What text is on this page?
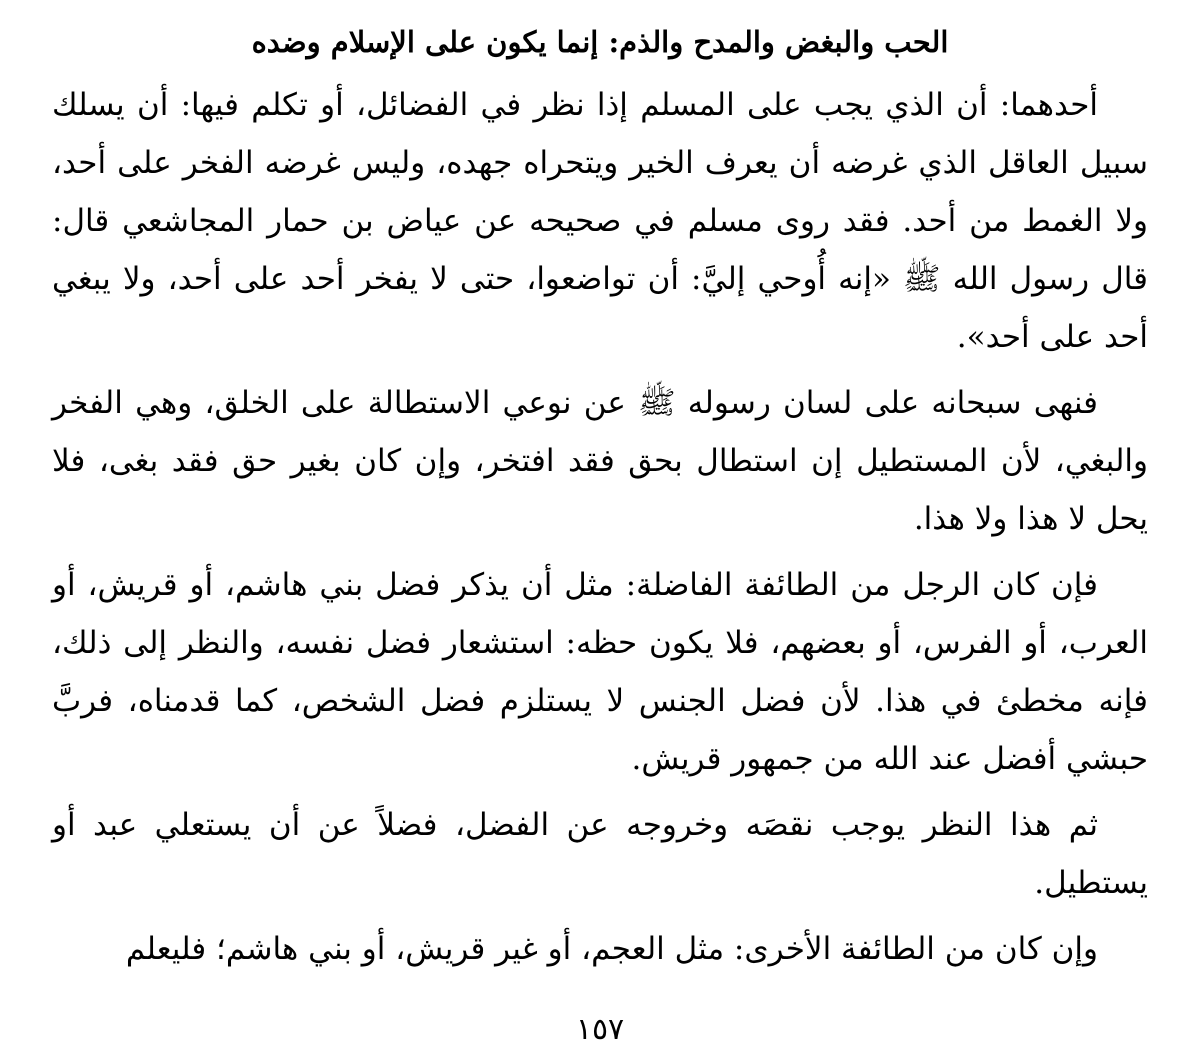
الحب والبغض والمدح والذم: إنما يكون على الإسلام وضده

أحدهما: أن الذي يجب على المسلم إذا نظر في الفضائل، أو تكلم فيها: أن يسلك سبيل العاقل الذي غرضه أن يعرف الخير ويتحراه جهده، وليس غرضه الفخر على أحد، ولا الغمط من أحد. فقد روى مسلم في صحيحه عن عياض بن حمار المجاشعي قال: قال رسول الله ﷺ «إنه أُوحي إليَّ: أن تواضعوا، حتى لا يفخر أحد على أحد، ولا يبغي أحد على أحد».

فنهى سبحانه على لسان رسوله ﷺ عن نوعي الاستطالة على الخلق، وهي الفخر والبغي، لأن المستطيل إن استطال بحق فقد افتخر، وإن كان بغير حق فقد بغى، فلا يحل لا هذا ولا هذا.

فإن كان الرجل من الطائفة الفاضلة: مثل أن يذكر فضل بني هاشم، أو قريش، أو العرب، أو الفرس، أو بعضهم، فلا يكون حظه: استشعار فضل نفسه، والنظر إلى ذلك، فإنه مخطئ في هذا. لأن فضل الجنس لا يستلزم فضل الشخص، كما قدمناه، فربَّ حبشي أفضل عند الله من جمهور قريش.

ثم هذا النظر يوجب نقصَه وخروجه عن الفضل، فضلاً عن أن يستعلي عبد أو يستطيل.

وإن كان من الطائفة الأخرى: مثل العجم، أو غير قريش، أو بني هاشم؛ فليعلم

١٥٧
